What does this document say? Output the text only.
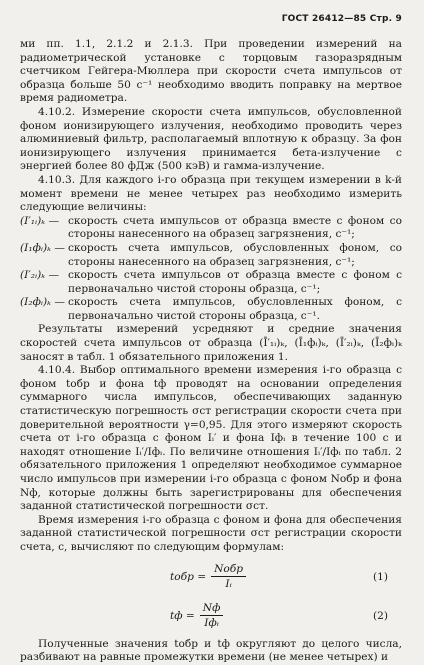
ГОСТ 26412—85 Стр. 9

ми пп. 1.1, 2.1.2 и 2.1.3. При проведении измерений на радиометрической установке с торцовым газоразрядным счетчиком Гейгера-Мюллера при скорости счета импульсов от образца больше 50 с⁻¹ необходимо вводить поправку на мертвое время радиометра.

4.10.2. Измерение скорости счета импульсов, обусловленной фоном ионизирующего излучения, необходимо проводить через алюминиевый фильтр, располагаемый вплотную к образцу. За фон ионизирующего излучения принимается бета-излучение с энергией более 80 фДж (500 кэВ) и гамма-излучение.

4.10.3. Для каждого i-го образца при текущем измерении в k-й момент времени не менее четырех раз необходимо измерить следующие величины:

(I′₁ᵢ)ₖ — скорость счета импульсов от образца вместе с фоном со стороны нанесенного на образец загрязнения, с⁻¹;
(I₁фᵢ)ₖ — скорость счета импульсов, обусловленных фоном, со стороны нанесенного на образец загрязнения, с⁻¹;
(I′₂ᵢ)ₖ — скорость счета импульсов от образца вместе с фоном с первоначально чистой стороны образца, с⁻¹;
(I₂фᵢ)ₖ — скорость счета импульсов, обусловленных фоном, с первоначально чистой стороны образца, с⁻¹.

Результаты измерений усредняют и средние значения скоростей счета импульсов от образца (Ī′₁ᵢ)ₖ, (Ī₁фᵢ)ₖ, (Ī′₂ᵢ)ₖ, (Ī₂фᵢ)ₖ заносят в табл. 1 обязательного приложения 1.

4.10.4. Выбор оптимального времени измерения i-го образца с фоном tобр и фона tф проводят на основании определения суммарного числа импульсов, обеспечивающих заданную статистическую погрешность σст регистрации скорости счета при доверительной вероятности γ=0,95. Для этого измеряют скорость счета от i-го образца с фоном Iᵢ′ и фона Iфᵢ в течение 100 с и находят отношение Iᵢ′/Iфᵢ. По величине отношения Iᵢ′/Iфᵢ по табл. 2 обязательного приложения 1 определяют необходимое суммарное число импульсов при измерении i-го образца с фоном Nобр и фона Nф, которые должны быть зарегистрированы для обеспечения заданной статистической погрешности σст.

Время измерения i-го образца с фоном и фона для обеспечения заданной статистической погрешности σст регистрации скорости счета, с, вычисляют по следующим формулам:

tобр = $\frac{\text{Nобр}}{\text{Iᵢ}}$	(1)
tф = $\frac{Nф}{\text{Iфᵢ}}$	(2)

Полученные значения tобр и tф округляют до целого числа, разбивают на равные промежутки времени (не менее четырех) и
